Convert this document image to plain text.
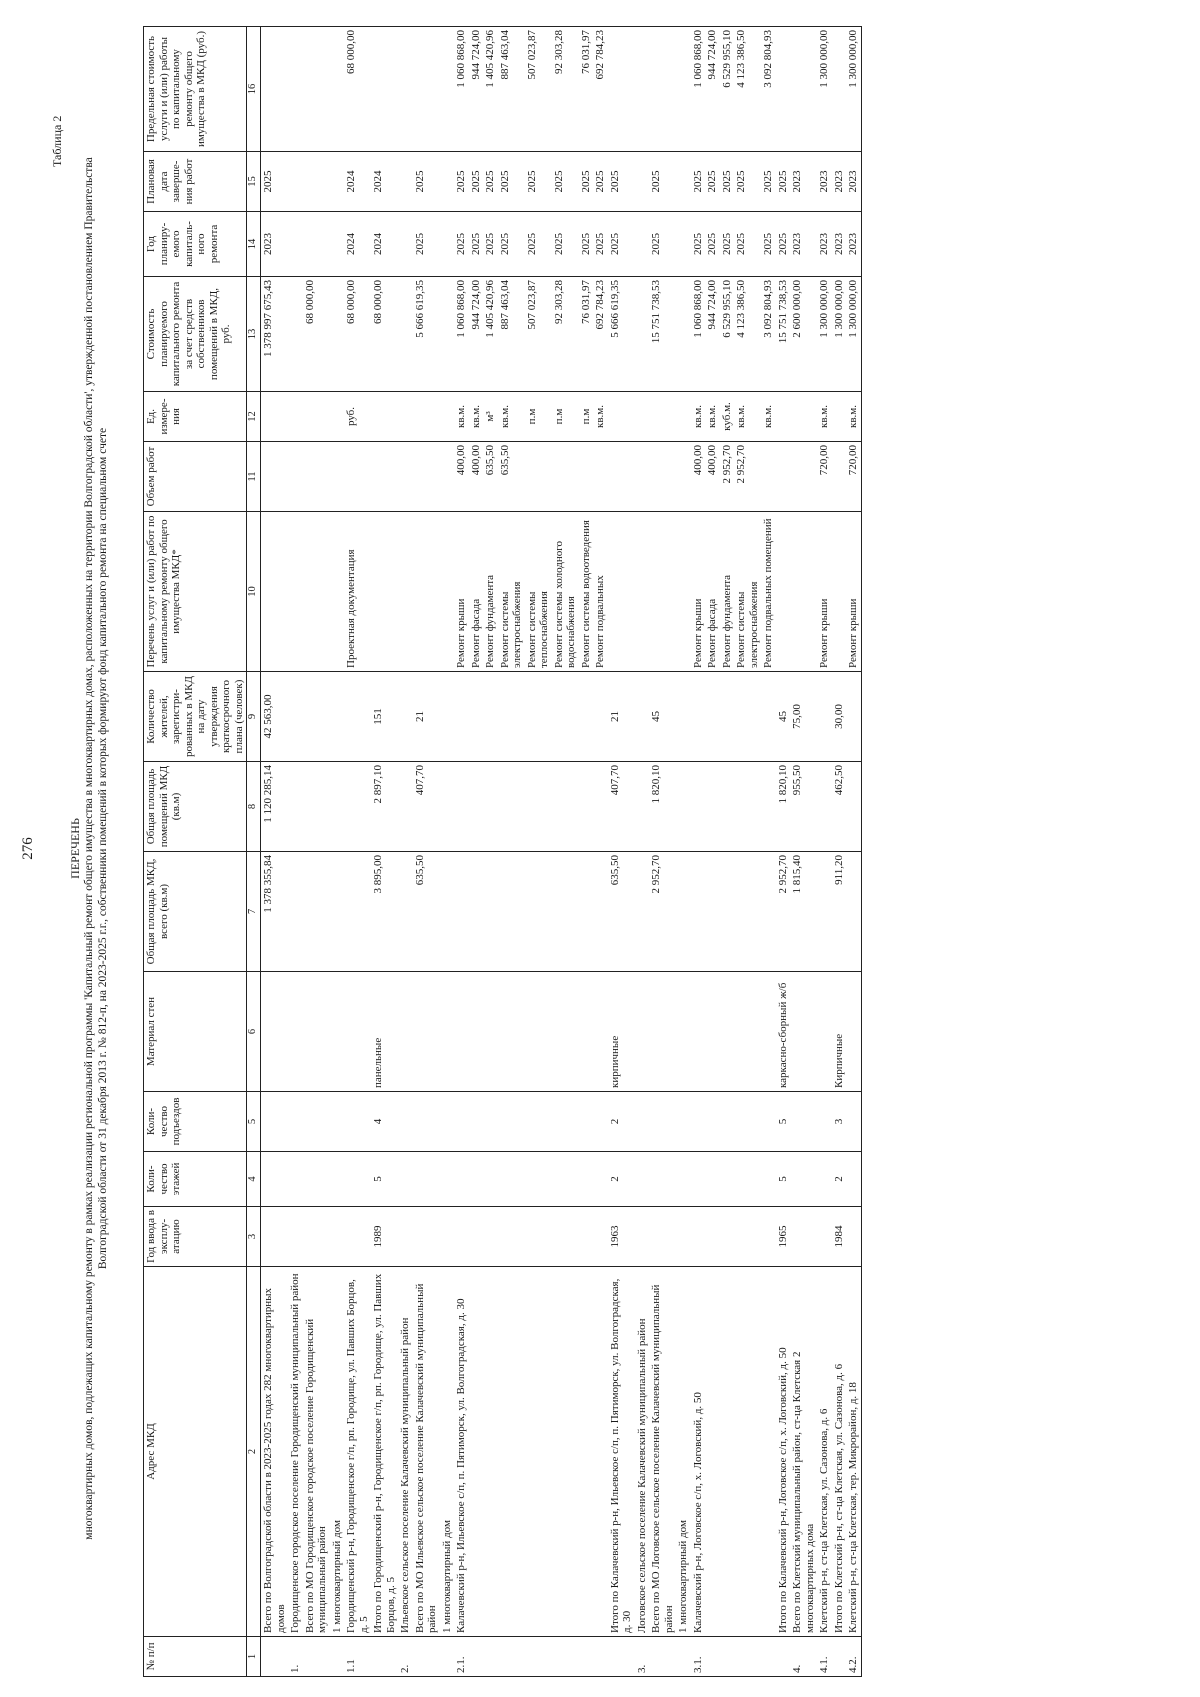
Таблица 2
ПЕРЕЧЕНЬ многоквартирных домов, подлежащих капитальному ремонту в рамках реализации региональной программы 'Капитальный ремонт общего имущества в многоквартирных домах, расположенных на территории Волгоградской области', утвержденной постановлением Правительства Волгоградской области от 31 декабря 2013 г. № 812-п, на 2023-2025 г.г., собственники помещений в которых формируют фонд капитального ремонта на специальном счете
№ п/п	Адрес МКД	Год ввода в эксплу-атацию	Коли-чество этажей	Коли-чество подъездов	Материал стен	Общая площадь МКД, всего (кв.м)	Общая площадь помещений МКД (кв.м)	Количество жителей, зарегистри-рованных в МКД на дату утверждения краткосрочного плана (человек)	Перечень услуг и (или) работ по капитальному ремонту общего имущества МКД*	Объем работ	Ед. измере-ния	Стоимость планируемого капитального ремонта за счет средств собственников помещений в МКД, руб.	Год планиру-емого капиталь-ного ремонта	Плановая дата заверше-ния работ	Предельная стоимость услуги и (или) работы по капитальному ремонту общего имущества в МКД (руб.)
1	2	3	4	5	6	7	8	9	10	11	12	13	14	15	16
	Всего по Волгоградской области в 2023-2025 годах 282 многоквартирных домов					1 378 355,84	1 120 285,14	42 563,00				1 378 997 675,43	2023	2025	
1.	Городищенское городское поселение Городищенский муниципальный район														
	Всего по МО Городищенское городское поселение Городищенский муниципальный район											68 000,00			
	1 многоквартирный дом														
1.1	Городищенский р-н, Городищенское г/п, рп. Городище, ул. Павших Борцов, д. 5								Проектная документация		руб.	68 000,00	2024	2024	68 000,00
	Итого по Городищенский р-н, Городищенское г/п, рп. Городище, ул. Павших Борцов, д. 5	1989	5	4	панельные	3 895,00	2 897,10	151				68 000,00	2024	2024	
2.	Ильевское сельское поселение Калачевский муниципальный район														
	Всего по МО Ильевское сельское поселение Калачевский муниципальный район					635,50	407,70	21				5 666 619,35	2025	2025	
	1 многоквартирный дом														
2.1.	Калачевский р-н, Ильевское с/п, п. Пятиморск, ул. Волгоградская, д. 30								Ремонт крыши	400,00	кв.м.	1 060 868,00	2025	2025	1 060 868,00
									Ремонт фасада	400,00	кв.м.	944 724,00	2025	2025	944 724,00
									Ремонт фундамента	635,50	м³	1 405 420,96	2025	2025	1 405 420,96
									Ремонт системы электроснабжения	635,50	кв.м.	887 463,04	2025	2025	887 463,04
									Ремонт системы теплоснабжения		п.м	507 023,87	2025	2025	507 023,87
									Ремонт системы холодного водоснабжения		п.м	92 303,28	2025	2025	92 303,28
									Ремонт системы водоотведения		п.м	76 031,97	2025	2025	76 031,97
									Ремонт подвальных		кв.м.	692 784,23	2025	2025	692 784,23
	Итого по Калачевский р-н, Ильевское с/п, п. Пятиморск, ул. Волгоградская, д. 30	1963	2	2	кирпичные	635,50	407,70	21				5 666 619,35	2025	2025	
3.	Логовское сельское поселение Калачевский муниципальный район														
	Всего по МО Логовское сельское поселение Калачевский муниципальный район					2 952,70	1 820,10	45				15 751 738,53	2025	2025	
	1 многоквартирный дом														
3.1.	Калачевский р-н, Логовское с/п, х. Логовский, д. 50								Ремонт крыши	400,00	кв.м.	1 060 868,00	2025	2025	1 060 868,00
									Ремонт фасада	400,00	кв.м.	944 724,00	2025	2025	944 724,00
									Ремонт фундамента	2 952,70	куб.м.	6 529 955,10	2025	2025	6 529 955,10
									Ремонт системы электроснабжения	2 952,70	кв.м.	4 123 386,50	2025	2025	4 123 386,50
									Ремонт подвальных помещений		кв.м.	3 092 804,93	2025	2025	3 092 804,93
	Итого по Калачевский р-н, Логовское с/п, х. Логовский, д. 50	1965	5	5	каркасно-сборный ж/б	2 952,70	1 820,10	45				15 751 738,53	2025	2025	
4.	Всего по Клетский муниципальный район, ст-ца Клетская 2 многоквартирных дома					1 815,40	955,50	75,00				2 600 000,00	2023	2023	
4.1.	Клетский р-н, ст-ца Клетская, ул. Сазонова, д. 6								Ремонт крыши	720,00	кв.м.	1 300 000,00	2023	2023	1 300 000,00
	Итого по Клетский р-н, ст-ца Клетская, ул. Сазонова, д. 6	1984	2	3	Кирпичные	911,20	462,50	30,00				1 300 000,00	2023	2023	
4.2.	Клетский р-н, ст-ца Клетская, тер. Микрорайон, д. 18								Ремонт крыши	720,00	кв.м.	1 300 000,00	2023	2023	1 300 000,00
276
